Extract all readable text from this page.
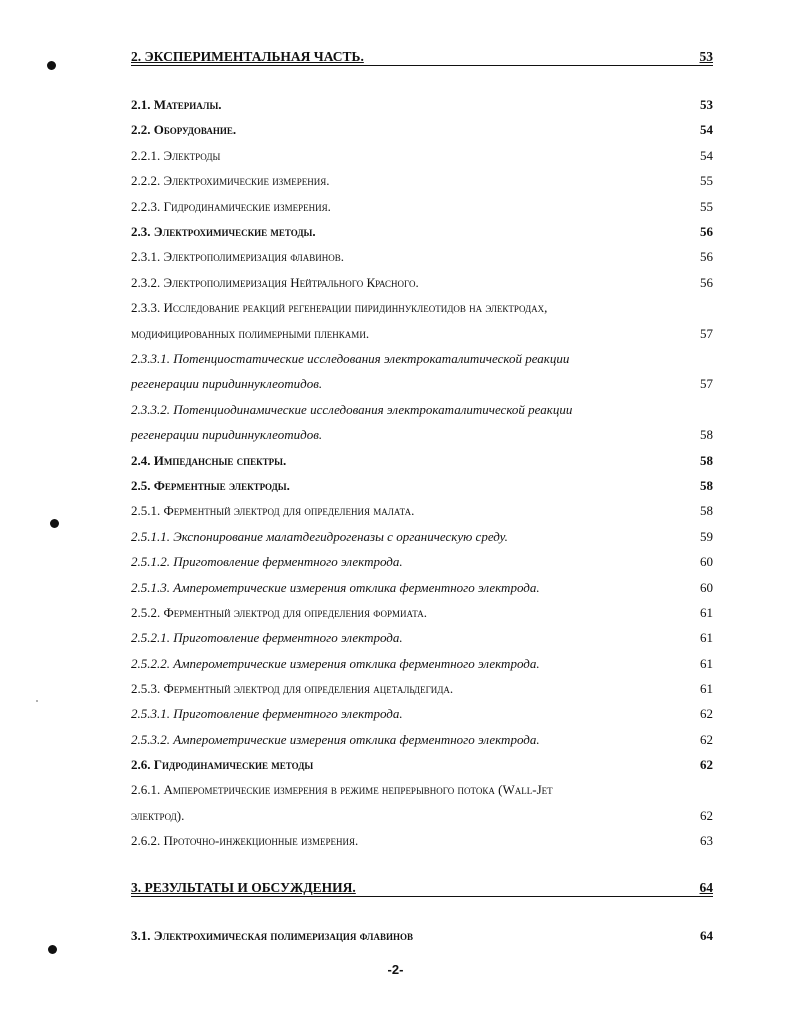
2. ЭКСПЕРИМЕНТАЛЬНАЯ ЧАСТЬ.	53
2.1. Материалы.	53
2.2. Оборудование.	54
2.2.1. Электроды	54
2.2.2. Электрохимические измерения.	55
2.2.3. Гидродинамические измерения.	55
2.3. Электрохимические методы.	56
2.3.1. Электрополимеризация флавинов.	56
2.3.2. Электрополимеризация Нейтрального Красного.	56
2.3.3. Исследование реакций регенерации пиридиннуклеотидов на электродах,
модифицированных полимерными пленками.	57
2.3.3.1. Потенциостатические исследования электрокаталитической реакции
регенерации пиридиннуклеотидов.	57
2.3.3.2. Потенциодинамические исследования электрокаталитической реакции
регенерации пиридиннуклеотидов.	58
2.4. Импедансные спектры.	58
2.5. Ферментные электроды.	58
2.5.1. Ферментный электрод для определения малата.	58
2.5.1.1. Экспонирование малатдегидрогеназы с органическую среду.	59
2.5.1.2. Приготовление ферментного электрода.	60
2.5.1.3. Амперометрические измерения отклика ферментного электрода.	60
2.5.2. Ферментный электрод для определения формиата.	61
2.5.2.1. Приготовление ферментного электрода.	61
2.5.2.2. Амперометрические измерения отклика ферментного электрода.	61
2.5.3. Ферментный электрод для определения ацетальдегида.	61
2.5.3.1. Приготовление ферментного электрода.	62
2.5.3.2. Амперометрические измерения отклика ферментного электрода.	62
2.6. Гидродинамические методы	62
2.6.1. Амперометрические измерения в режиме непрерывного потока (Wall-Jet
электрод).	62
2.6.2. Проточно-инжекционные измерения.	63
3. РЕЗУЛЬТАТЫ И ОБСУЖДЕНИЯ.	64
3.1. Электрохимическая полимеризация флавинов	64
-2-
